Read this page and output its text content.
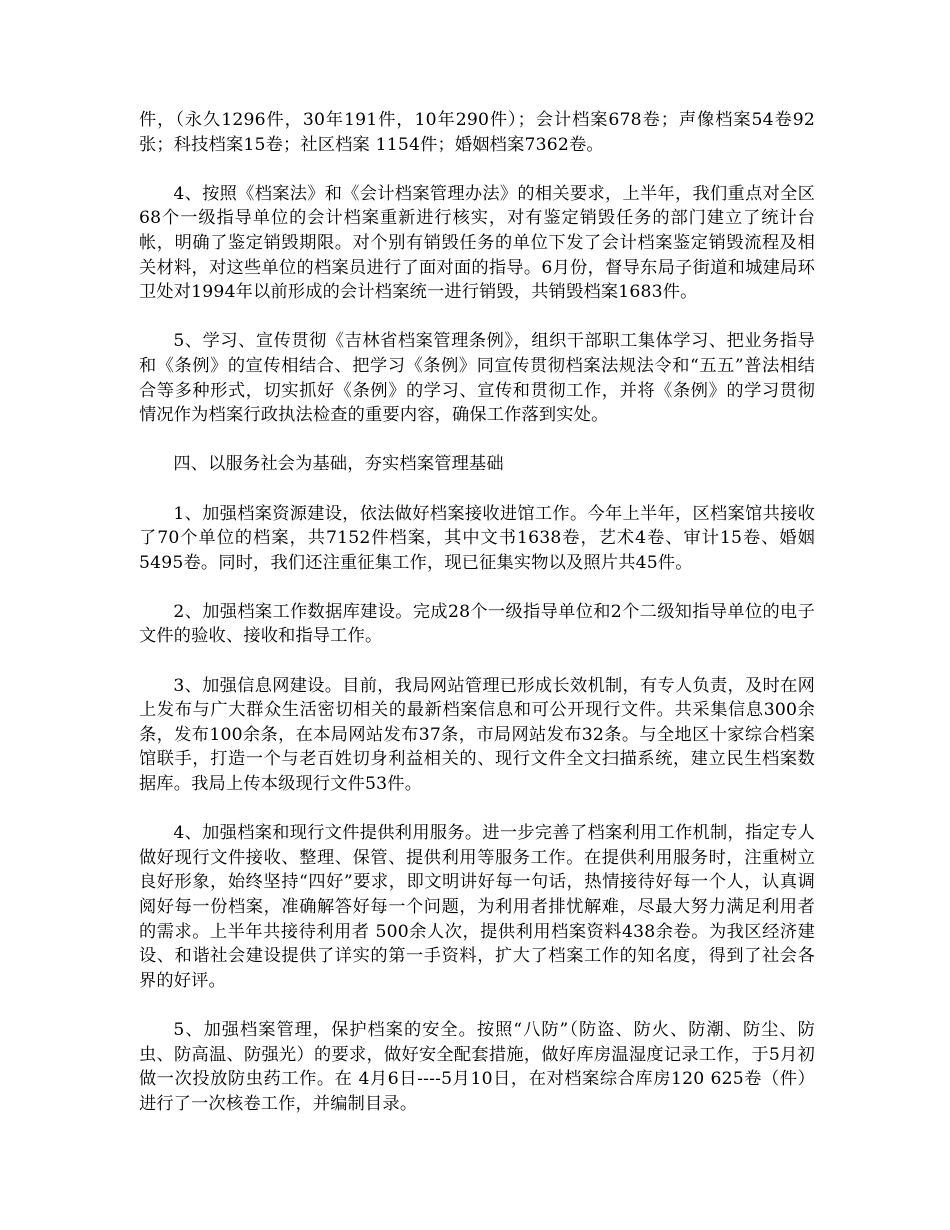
件，（永久1296件，30年191件，10年290件）；会计档案678卷；声像档案54卷92 张；科技档案15卷；社区档案 1154件；婚姻档案7362卷。

4、按照《档案法》和《会计档案管理办法》的相关要求，上半年，我们重点对全区68个一级指导单位的会计档案重新进行核实，对有鉴定销毁任务的部门建立了统计台帐，明确了鉴定销毁期限。对个别有销毁任务的单位下发了会计档案鉴定销毁流程及相关材料，对这些单位的档案员进行了面对面的指导。6月份，督导东局子街道和城建局环卫处对1994年以前形成的会计档案统一进行销毁，共销毁档案1683件。

5、学习、宣传贯彻《吉林省档案管理条例》，组织干部职工集体学习、把业务指导和《条例》的宣传相结合、把学习《条例》同宣传贯彻档案法规法令和“五五”普法相结合等多种形式，切实抓好《条例》的学习、宣传和贯彻工作，并将《条例》的学习贯彻情况作为档案行政执法检查的重要内容，确保工作落到实处。

四、以服务社会为基础，夯实档案管理基础

1、加强档案资源建设，依法做好档案接收进馆工作。今年上半年，区档案馆共接收了70个单位的档案，共7152件档案，其中文书1638卷，艺术4卷、审计15卷、婚姻5495卷。同时，我们还注重征集工作，现已征集实物以及照片共45件。

2、加强档案工作数据库建设。完成28个一级指导单位和2个二级知指导单位的电子文件的验收、接收和指导工作。

3、加强信息网建设。目前，我局网站管理已形成长效机制，有专人负责，及时在网上发布与广大群众生活密切相关的最新档案信息和可公开现行文件。共采集信息300余条，发布100余条，在本局网站发布37条，市局网站发布32条。与全地区十家综合档案馆联手，打造一个与老百姓切身利益相关的、现行文件全文扫描系统，建立民生档案数据库。我局上传本级现行文件53件。

4、加强档案和现行文件提供利用服务。进一步完善了档案利用工作机制，指定专人做好现行文件接收、整理、保管、提供利用等服务工作。在提供利用服务时，注重树立良好形象，始终坚持“四好”要求，即文明讲好每一句话，热情接待好每一个人，认真调阅好每一份档案，准确解答好每一个问题，为利用者排忧解难，尽最大努力满足利用者的需求。上半年共接待利用者 500余人次，提供利用档案资料438余卷。为我区经济建设、和谐社会建设提供了详实的第一手资料，扩大了档案工作的知名度，得到了社会各界的好评。

5、加强档案管理，保护档案的安全。按照“八防”（防盗、防火、防潮、防尘、防虫、防高温、防强光）的要求，做好安全配套措施，做好库房温湿度记录工作，于5月初做一次投放防虫药工作。在 4月6日----5月10日，在对档案综合库房120 625卷（件）进行了一次核卷工作，并编制目录。
